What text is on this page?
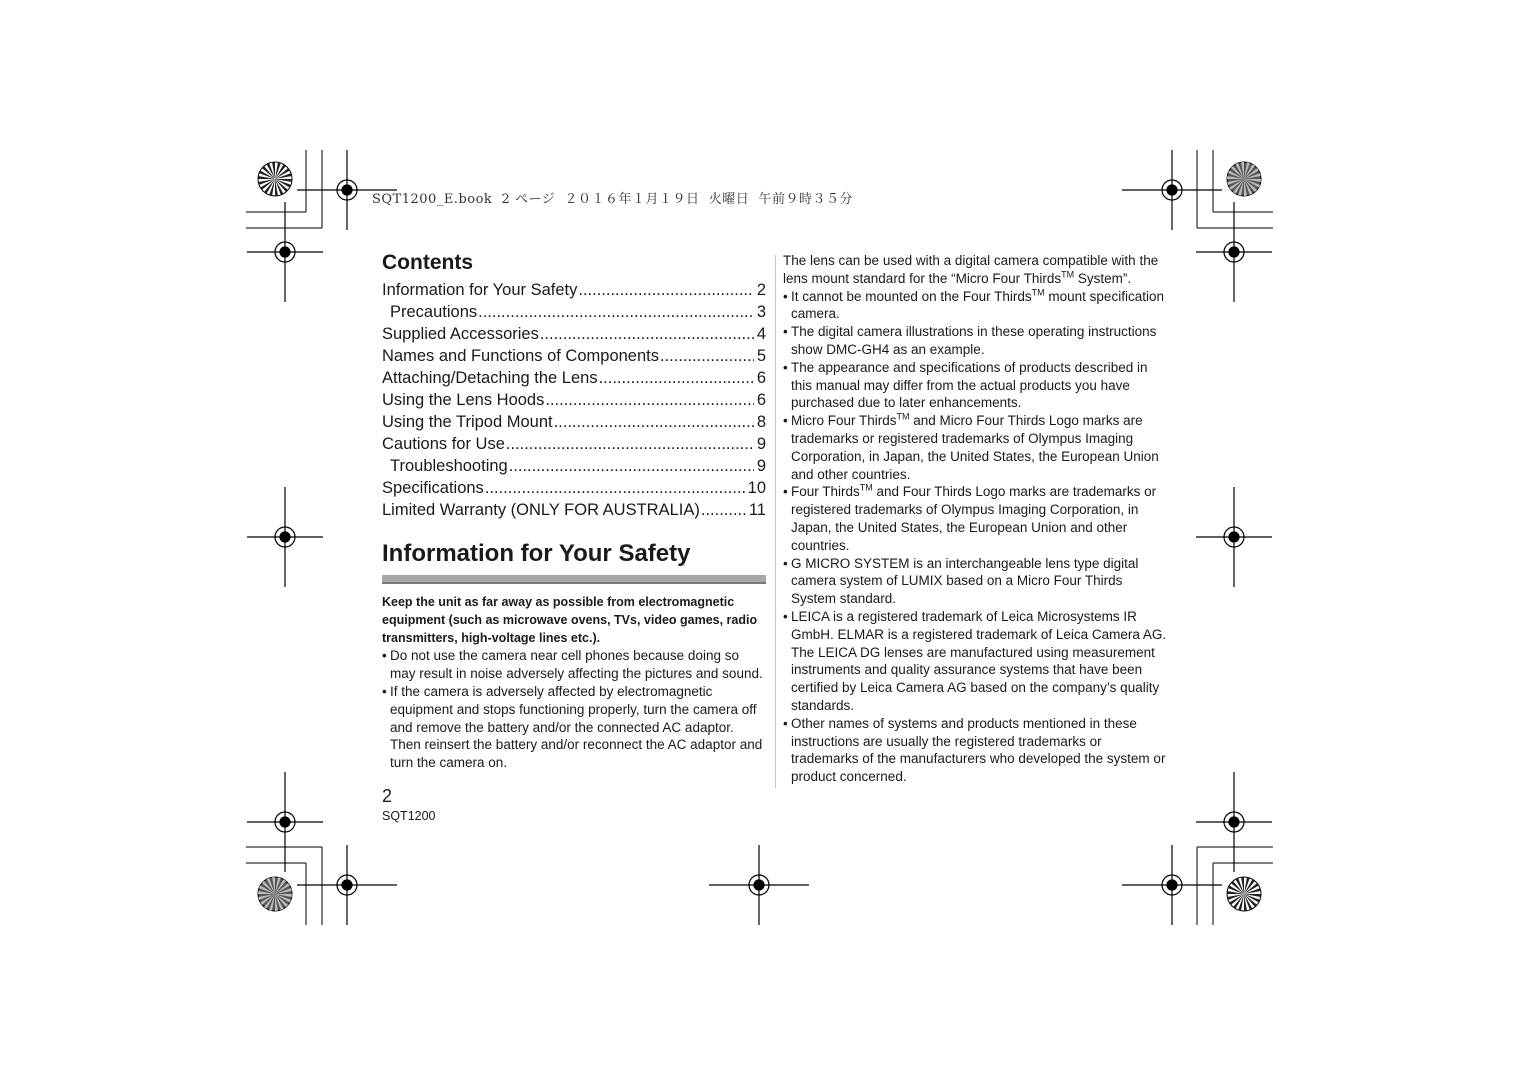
SQT1200_E.book  2 ページ  ２０１６年１月１９日  火曜日  午前９時３５分
Contents
Information for Your Safety .....	2
Precautions .....	3
Supplied Accessories .....	4
Names and Functions of Components .....	5
Attaching/Detaching the Lens .....	6
Using the Lens Hoods .....	6
Using the Tripod Mount .....	8
Cautions for Use .....	9
Troubleshooting .....	9
Specifications .....	10
Limited Warranty (ONLY FOR AUSTRALIA) .....	11
Information for Your Safety

Keep the unit as far away as possible from electromagnetic equipment (such as microwave ovens, TVs, video games, radio transmitters, high-voltage lines etc.).

• Do not use the camera near cell phones because doing so may result in noise adversely affecting the pictures and sound.
• If the camera is adversely affected by electromagnetic equipment and stops functioning properly, turn the camera off and remove the battery and/or the connected AC adaptor. Then reinsert the battery and/or reconnect the AC adaptor and turn the camera on.

The lens can be used with a digital camera compatible with the lens mount standard for the “Micro Four Thirds™ System”.

• It cannot be mounted on the Four Thirds™ mount specification camera.
• The digital camera illustrations in these operating instructions show DMC-GH4 as an example.
• The appearance and specifications of products described in this manual may differ from the actual products you have purchased due to later enhancements.
• Micro Four Thirds™ and Micro Four Thirds Logo marks are trademarks or registered trademarks of Olympus Imaging Corporation, in Japan, the United States, the European Union and other countries.
• Four Thirds™ and Four Thirds Logo marks are trademarks or registered trademarks of Olympus Imaging Corporation, in Japan, the United States, the European Union and other countries.
• G MICRO SYSTEM is an interchangeable lens type digital camera system of LUMIX based on a Micro Four Thirds System standard.
• LEICA is a registered trademark of Leica Microsystems IR GmbH. ELMAR is a registered trademark of Leica Camera AG. The LEICA DG lenses are manufactured using measurement instruments and quality assurance systems that have been certified by Leica Camera AG based on the company’s quality standards.
• Other names of systems and products mentioned in these instructions are usually the registered trademarks or trademarks of the manufacturers who developed the system or product concerned.
2
SQT1200
